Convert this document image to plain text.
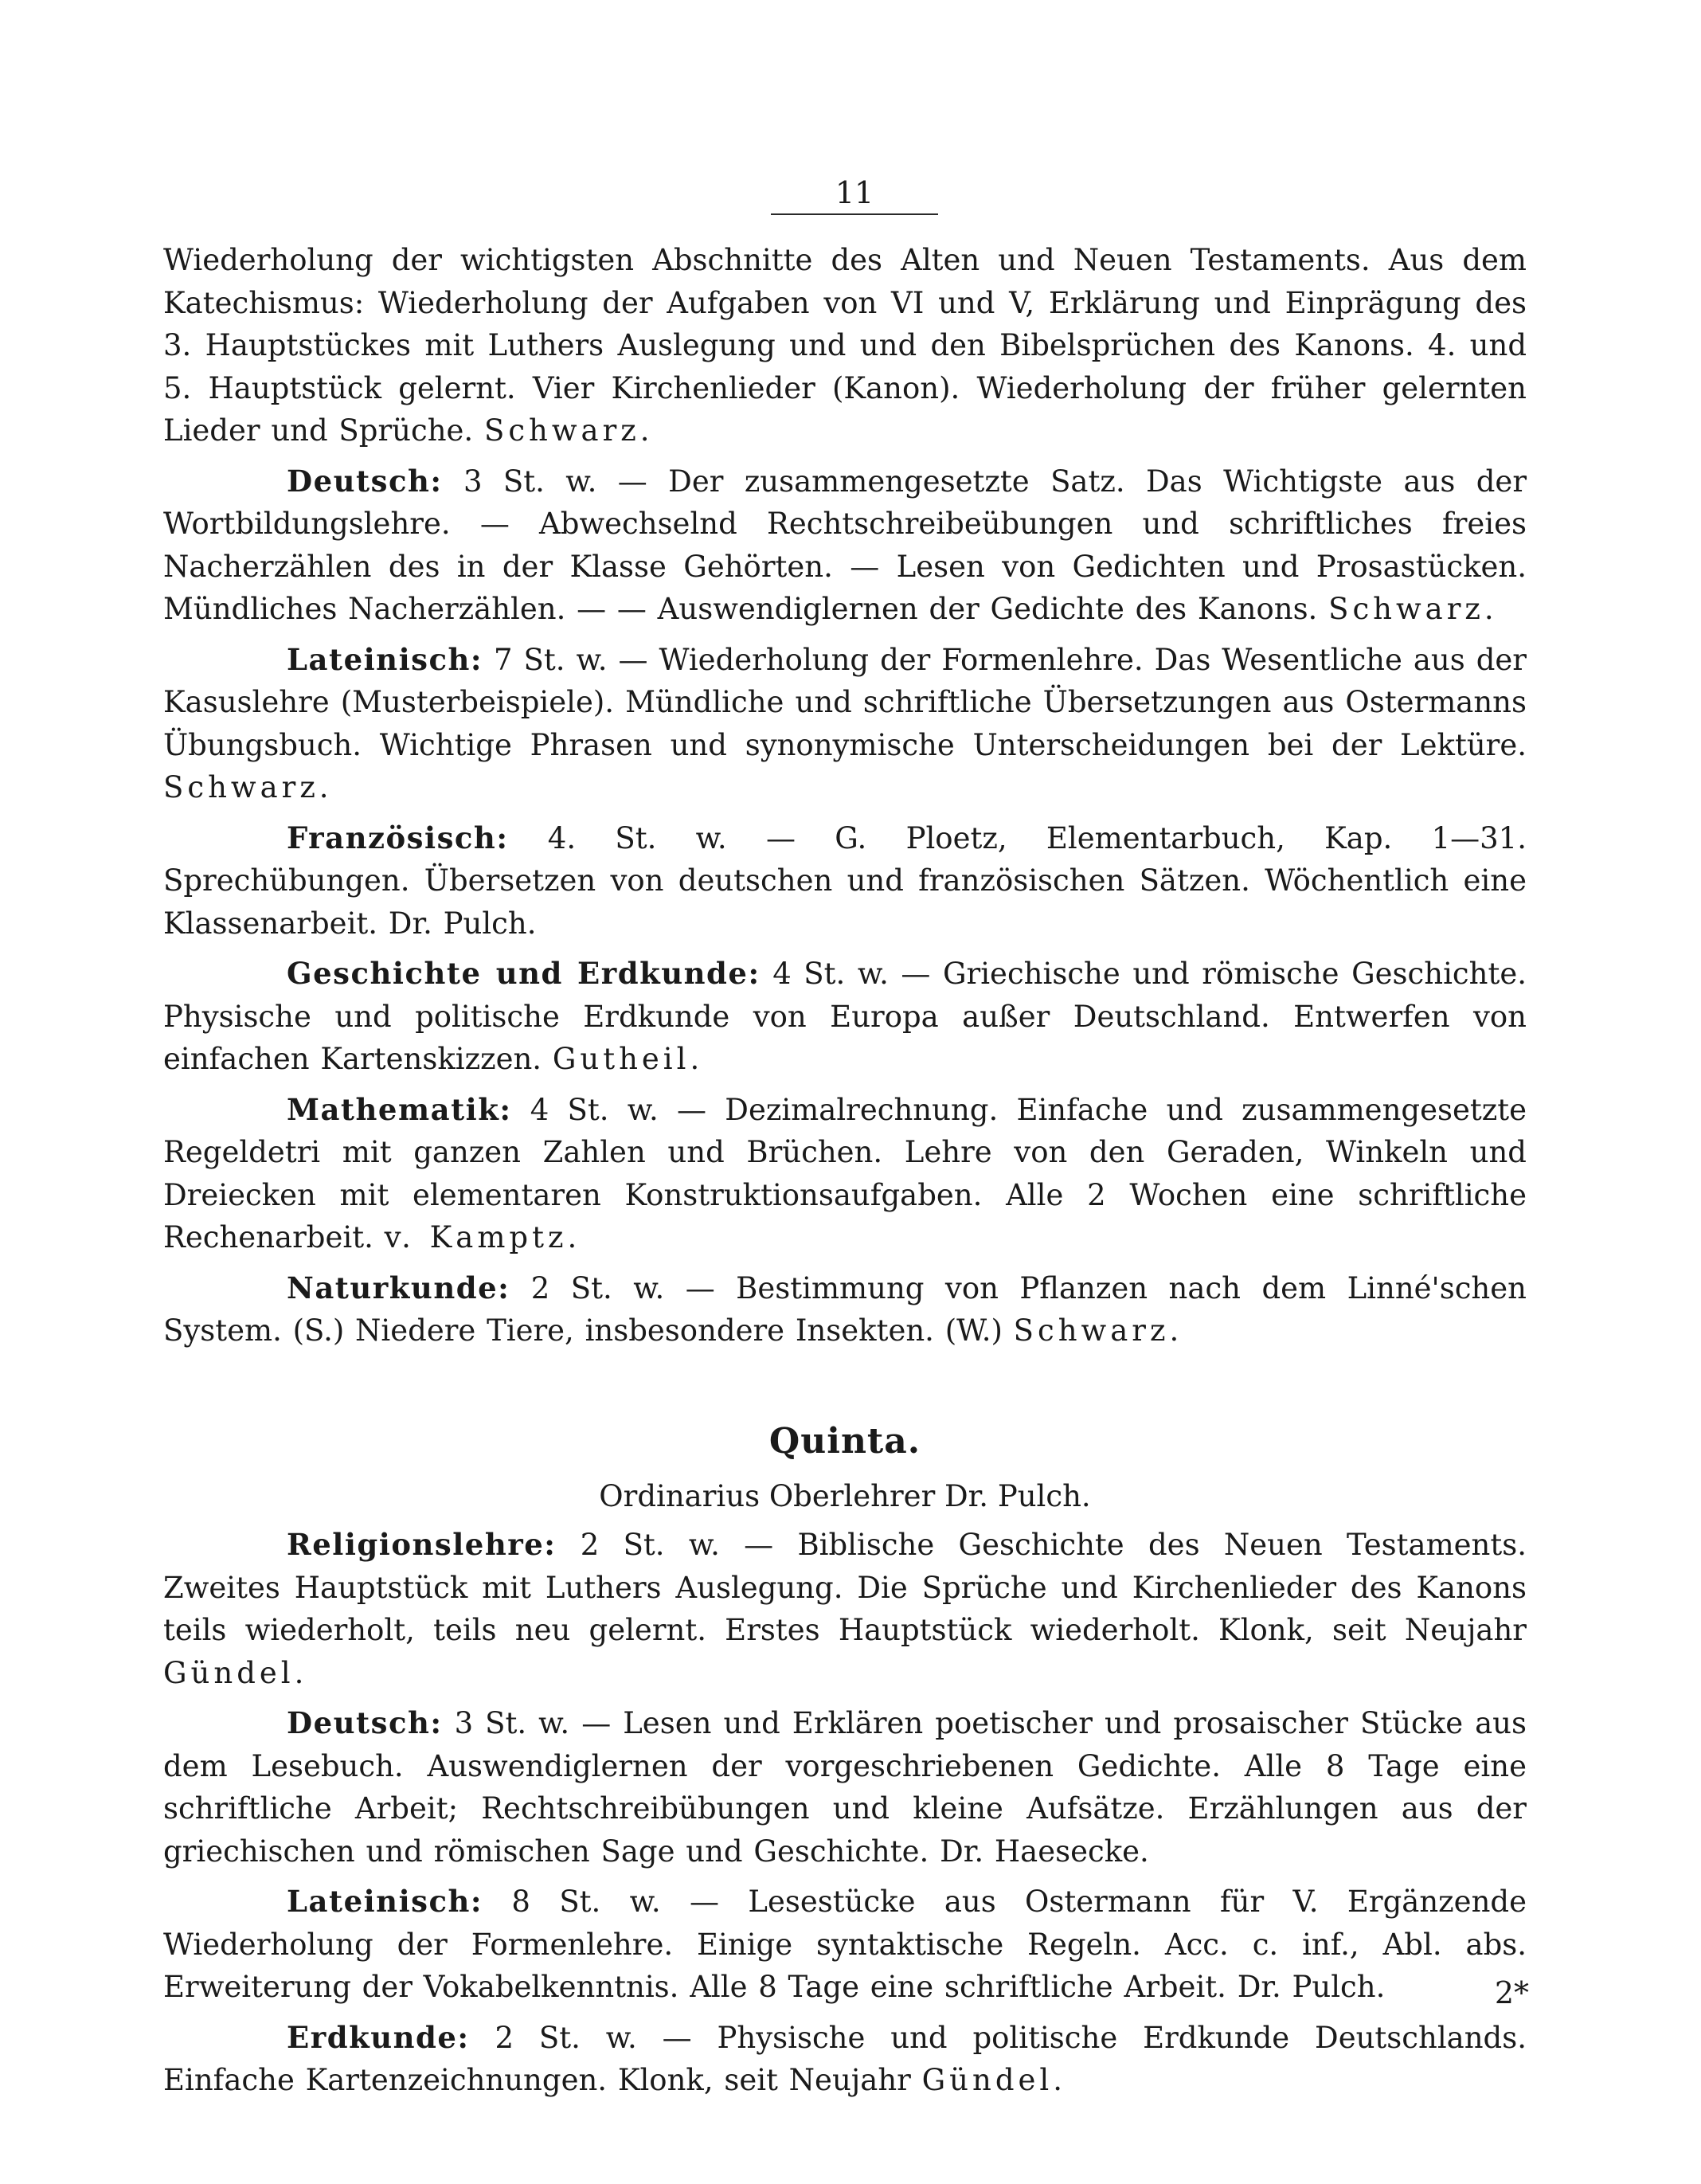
11

Wiederholung der wichtigsten Abschnitte des Alten und Neuen Testaments. Aus dem Katechismus: Wiederholung der Aufgaben von VI und V, Erklärung und Einprägung des 3. Hauptstückes mit Luthers Auslegung und und den Bibelsprüchen des Kanons. 4. und 5. Hauptstück gelernt. Vier Kirchenlieder (Kanon). Wiederholung der früher gelernten Lieder und Sprüche. Schwarz.

Deutsch: 3 St. w. — Der zusammengesetzte Satz. Das Wichtigste aus der Wortbildungslehre. — Abwechselnd Rechtschreibeübungen und schriftliches freies Nacherzählen des in der Klasse Gehörten. — Lesen von Gedichten und Prosastücken. Mündliches Nacherzählen. — — Auswendiglernen der Gedichte des Kanons. Schwarz.

Lateinisch: 7 St. w. — Wiederholung der Formenlehre. Das Wesentliche aus der Kasuslehre (Musterbeispiele). Mündliche und schriftliche Übersetzungen aus Ostermanns Übungsbuch. Wichtige Phrasen und synonymische Unterscheidungen bei der Lektüre. Schwarz.

Französisch: 4. St. w. — G. Ploetz, Elementarbuch, Kap. 1—31. Sprechübungen. Übersetzen von deutschen und französischen Sätzen. Wöchentlich eine Klassenarbeit. Dr. Pulch.

Geschichte und Erdkunde: 4 St. w. — Griechische und römische Geschichte. Physische und politische Erdkunde von Europa außer Deutschland. Entwerfen von einfachen Kartenskizzen. Gutheil.

Mathematik: 4 St. w. — Dezimalrechnung. Einfache und zusammengesetzte Regeldetri mit ganzen Zahlen und Brüchen. Lehre von den Geraden, Winkeln und Dreiecken mit elementaren Konstruktionsaufgaben. Alle 2 Wochen eine schriftliche Rechenarbeit. v. Kamptz.

Naturkunde: 2 St. w. — Bestimmung von Pflanzen nach dem Linné'schen System. (S.) Niedere Tiere, insbesondere Insekten. (W.) Schwarz.

Quinta.
Ordinarius Oberlehrer Dr. Pulch.

Religionslehre: 2 St. w. — Biblische Geschichte des Neuen Testaments. Zweites Hauptstück mit Luthers Auslegung. Die Sprüche und Kirchenlieder des Kanons teils wiederholt, teils neu gelernt. Erstes Hauptstück wiederholt. Klonk, seit Neujahr Gündel.

Deutsch: 3 St. w. — Lesen und Erklären poetischer und prosaischer Stücke aus dem Lesebuch. Auswendiglernen der vorgeschriebenen Gedichte. Alle 8 Tage eine schriftliche Arbeit; Rechtschreibübungen und kleine Aufsätze. Erzählungen aus der griechischen und römischen Sage und Geschichte. Dr. Haesecke.

Lateinisch: 8 St. w. — Lesestücke aus Ostermann für V. Ergänzende Wiederholung der Formenlehre. Einige syntaktische Regeln. Acc. c. inf., Abl. abs. Erweiterung der Vokabelkenntnis. Alle 8 Tage eine schriftliche Arbeit. Dr. Pulch.

Erdkunde: 2 St. w. — Physische und politische Erdkunde Deutschlands. Einfache Kartenzeichnungen. Klonk, seit Neujahr Gündel.

2*
